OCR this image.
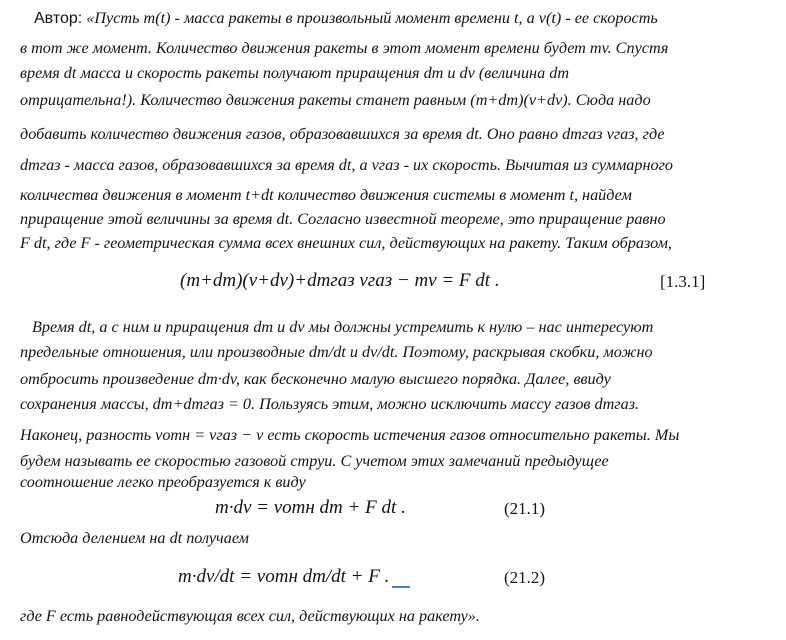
Автор: «Пусть m(t) - масса ракеты в произвольный момент времени t, а v(t) - ее скорость
в тот же момент. Количество движения ракеты в этот момент времени будет mv. Спустя
время dt масса и скорость ракеты получают приращения dm и dv (величина dm
отрицательна!). Количество движения ракеты станет равным (m+dm)(v+dv). Сюда надо
добавить количество движения газов, образовавшихся за время dt. Оно равно dmгаз vгаз, где
dmгаз - масса газов, образовавшихся за время dt, а vгаз - их скорость. Вычитая из суммарного
количества движения в момент t+dt количество движения системы в момент t, найдем
приращение этой величины за время dt. Согласно известной теореме, это приращение равно
F dt, где F - геометрическая сумма всех внешних сил, действующих на ракету. Таким образом,
(m+dm)(v+dv)+dmгаз vгаз − mv = F dt .	[1.3.1]
Время dt, а с ним и приращения dm и dv мы должны устремить к нулю – нас интересуют
предельные отношения, или производные dm/dt и dv/dt. Поэтому, раскрывая скобки, можно
отбросить произведение dm·dv, как бесконечно малую высшего порядка. Далее, ввиду
сохранения массы, dm+dmгаз = 0. Пользуясь этим, можно исключить массу газов dmгаз.
Наконец, разность vотн = vгаз − v есть скорость истечения газов относительно ракеты. Мы
будем называть ее скоростью газовой струи. С учетом этих замечаний предыдущее
соотношение легко преобразуется к виду
m·dv = vотн dm + F dt .	(21.1)
Отсюда делением на dt получаем
m·dv/dt = vотн dm/dt + F .	(21.2)
где F есть равнодействующая всех сил, действующих на ракету».
